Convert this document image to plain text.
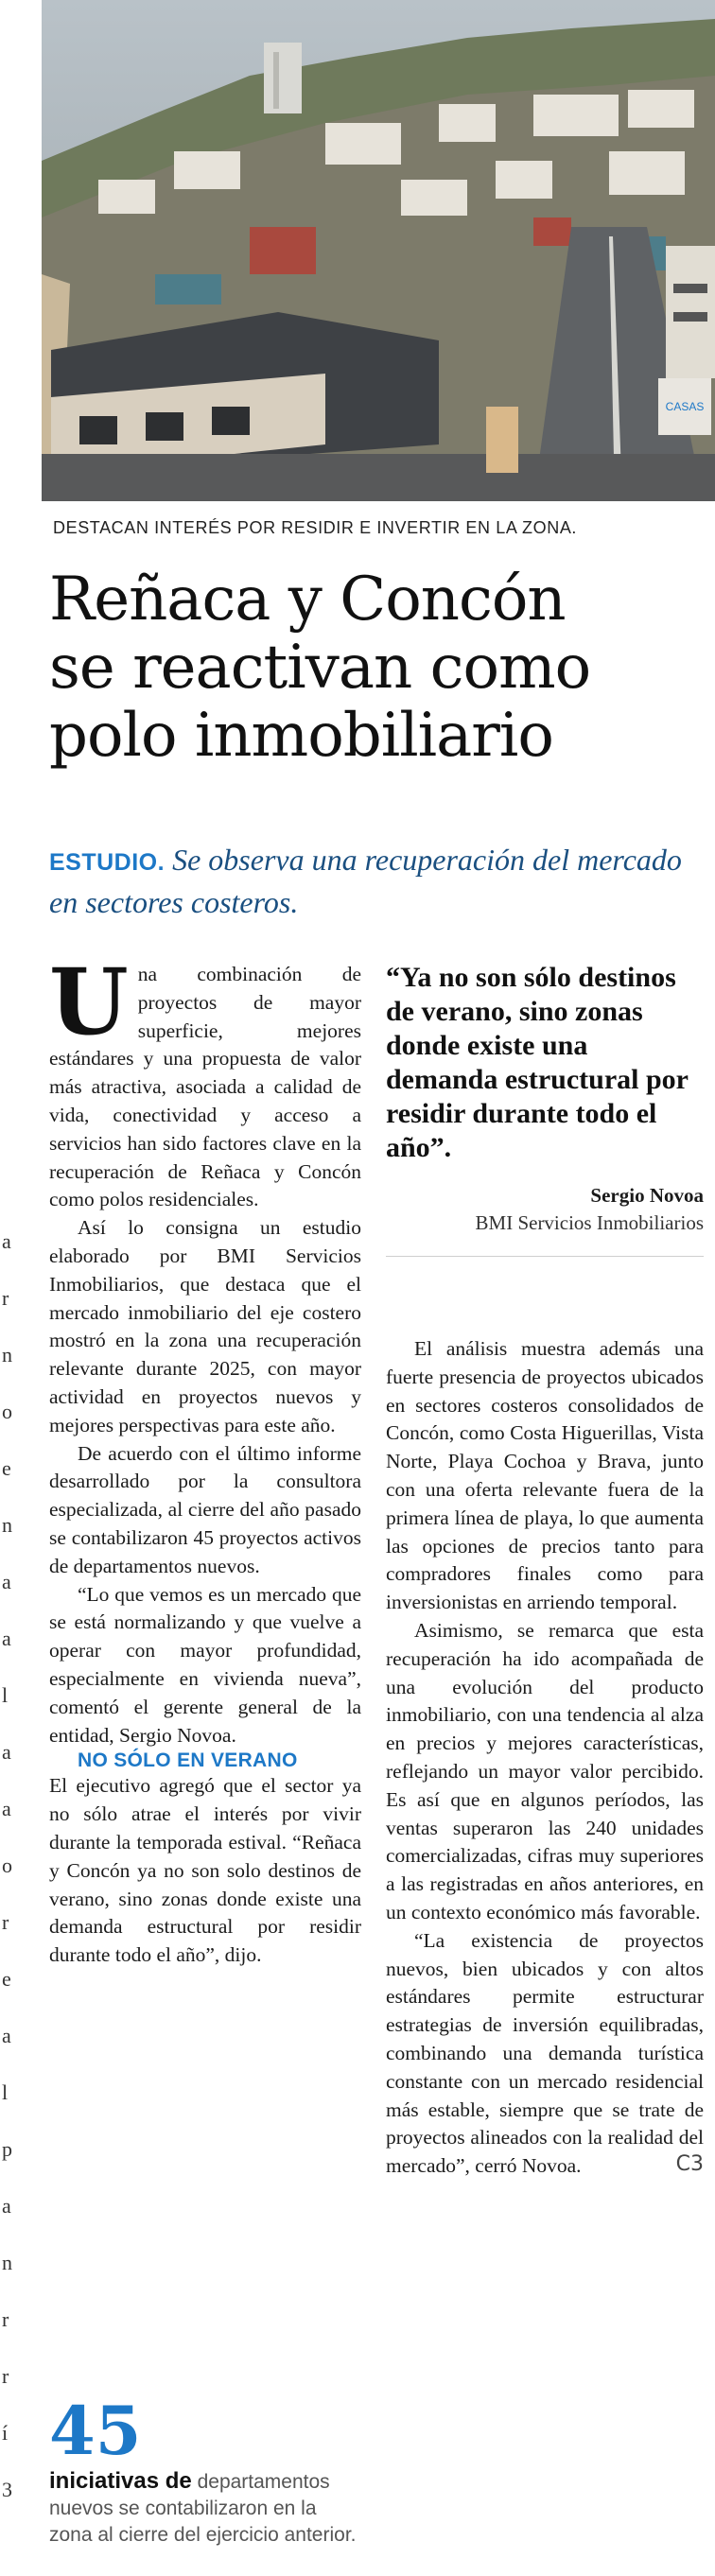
a
r
n
o
e
n
a
a
l
a
a
o
r
e
a
l
p
a
n
r
r
í
3
CASAS
DESTACAN INTERÉS POR RESIDIR E INVERTIR EN LA ZONA.
Reñaca y Concón
se reactivan como
polo inmobiliario
ESTUDIO. Se observa una recuperación del mercado en sectores costeros.

Una combinación de proyectos de mayor superficie, mejores estándares y una propuesta de valor más atractiva, asociada a calidad de vida, conectividad y acceso a servicios han sido factores clave en la recuperación de Reñaca y Concón como polos residenciales.

Así lo consigna un estudio elaborado por BMI Servicios Inmobiliarios, que destaca que el mercado inmobiliario del eje costero mostró en la zona una recuperación relevante durante 2025, con mayor actividad en proyectos nuevos y mejores perspectivas para este año.

De acuerdo con el último informe desarrollado por la consultora especializada, al cierre del año pasado se contabilizaron 45 proyectos activos de departamentos nuevos.

“Lo que vemos es un mercado que se está normalizando y que vuelve a operar con mayor profundidad, especialmente en vivienda nueva”, comentó el gerente general de la entidad, Sergio Novoa.

NO SÓLO EN VERANO

El ejecutivo agregó que el sector ya no sólo atrae el interés por vivir durante la temporada estival. “Reñaca y Concón ya no son solo destinos de verano, sino zonas donde existe una demanda estructural por residir durante todo el año”, dijo.

45
iniciativas de departamentos nuevos se contabilizaron en la zona al cierre del ejercicio anterior.
“Ya no son sólo destinos de verano, sino zonas donde existe una demanda estructural por residir durante todo el año”.
Sergio Novoa
BMI Servicios Inmobiliarios

El análisis muestra además una fuerte presencia de proyectos ubicados en sectores costeros consolidados de Concón, como Costa Higuerillas, Vista Norte, Playa Cochoa y Brava, junto con una oferta relevante fuera de la primera línea de playa, lo que aumenta las opciones de precios tanto para compradores finales como para inversionistas en arriendo temporal.

Asimismo, se remarca que esta recuperación ha ido acompañada de una evolución del producto inmobiliario, con una tendencia al alza en precios y mejores características, reflejando un mayor valor percibido. Es así que en algunos períodos, las ventas superaron las 240 unidades comercializadas, cifras muy superiores a las registradas en años anteriores, en un contexto económico más favorable.

“La existencia de proyectos nuevos, bien ubicados y con altos estándares permite estructurar estrategias de inversión equilibradas, combinando una demanda turística constante con un mercado residencial más estable, siempre que se trate de proyectos alineados con la realidad del mercado”, cerró Novoa.	C3
